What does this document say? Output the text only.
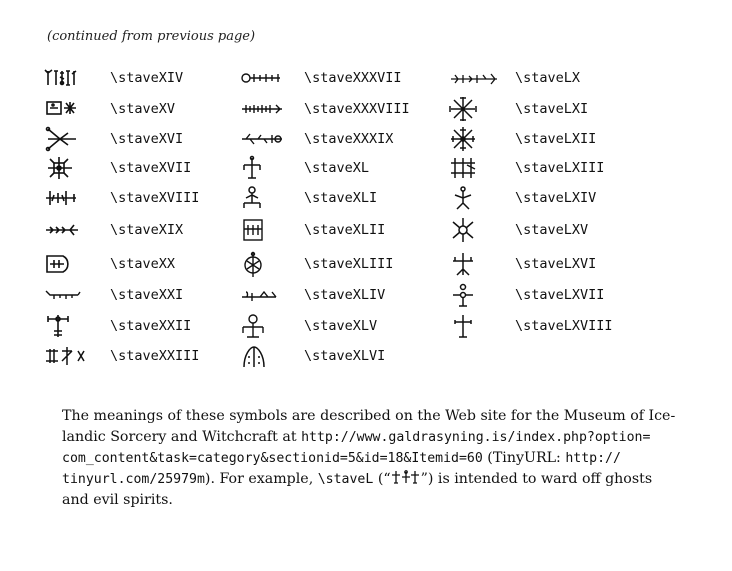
(continued from previous page)
\staveXIV
\staveXV
\staveXVI
\staveXVII
\staveXVIII
\staveXIX
\staveXX
\staveXXI
\staveXXII
\staveXXIII
\staveXXXVII
\staveXXXVIII
\staveXXXIX
\staveXL
\staveXLI
\staveXLII
\staveXLIII
\staveXLIV
\staveXLV
\staveXLVI
\staveLX
\staveLXI
\staveLXII
\staveLXIII
\staveLXIV
\staveLXV
\staveLXVI
\staveLXVII
\staveLXVIII
The meanings of these symbols are described on the Web site for the Museum of Ice-
landic Sorcery and Witchcraft at http://www.galdrasyning.is/index.php?option=
com_content&task=category&sectionid=5&id=18&Itemid=60 (TinyURL: http://
tinyurl.com/25979m). For example, \staveL (“ ”) is intended to ward off ghosts
and evil spirits.
